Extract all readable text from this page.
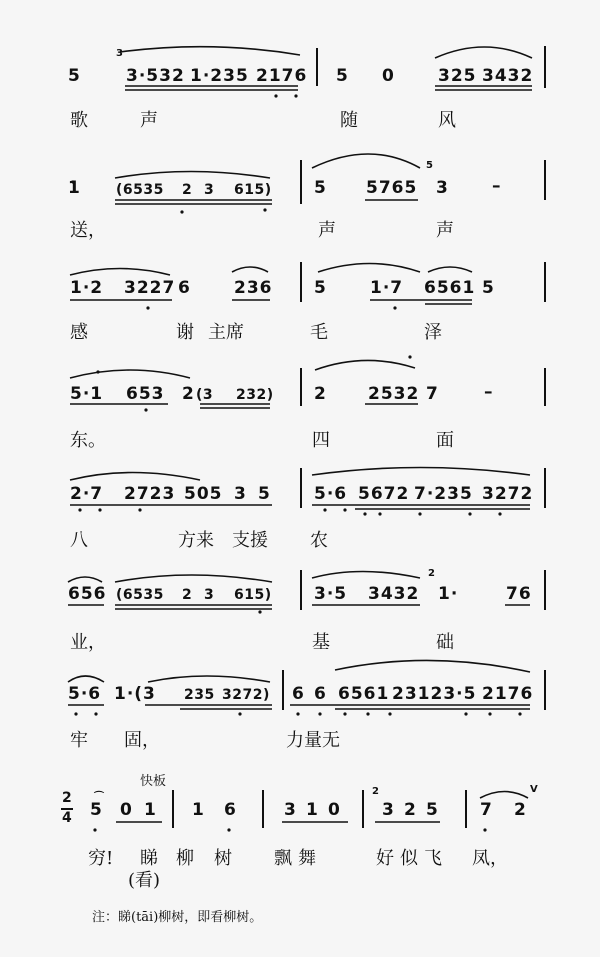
5
3
3·532 1·235 2176 5 0	325 3432
歌	声	随	风
1	(6535 2 3 615) 5 5765
5
3	–
送，	声	声
1·2 3227 6	236 5	1·7 6561 5
感	谢 主席	毛	泽
5·1 653 2 (3 232) 2 2532 7	–
东。	四	面
2·7 2723 505 3 5	5·6 5672 7·235 3272
八	方来 支援 农
656 (6535 2 3 615) 3·5 3432
2
1·	76
业，	基	础
5·6 1·(3 235 3272) 6 6 6561 23123·5 2176
牢 固，	力量无
快板
2
4 5
⌒
0 1 1 6	3 1 0
2
3 2 5 7 2
V
穷! 睇 柳 树 飘 舞	好 似 飞 凤，
(看)
注：睇(tāi)柳树，即看柳树。
